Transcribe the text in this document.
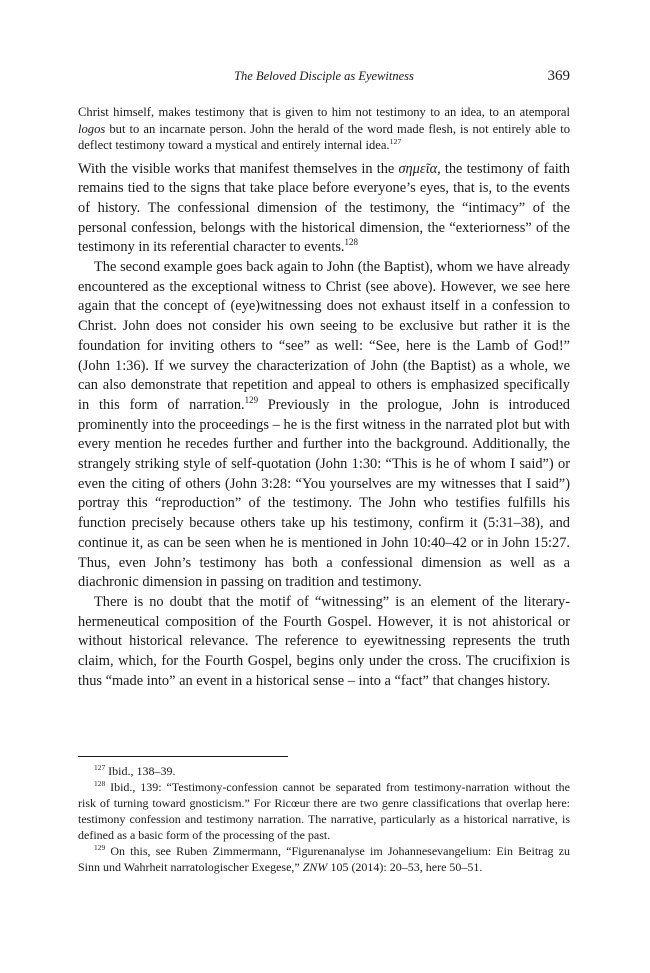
The Beloved Disciple as Eyewitness	369

Christ himself, makes testimony that is given to him not testimony to an idea, to an atemporal logos but to an incarnate person. John the herald of the word made flesh, is not entirely able to deflect testimony toward a mystical and entirely internal idea.$^{127}$

With the visible works that manifest themselves in the σημεῖα, the testimony of faith remains tied to the signs that take place before everyone’s eyes, that is, to the events of history. The confessional dimension of the testimony, the “intimacy” of the personal confession, belongs with the historical dimension, the “exteriorness” of the testimony in its referential character to events.$^{128}$

The second example goes back again to John (the Baptist), whom we have already encountered as the exceptional witness to Christ (see above). However, we see here again that the concept of (eye)witnessing does not exhaust itself in a confession to Christ. John does not consider his own seeing to be exclusive but rather it is the foundation for inviting others to “see” as well: “See, here is the Lamb of God!” (John 1:36). If we survey the characterization of John (the Baptist) as a whole, we can also demonstrate that repetition and appeal to others is emphasized specifically in this form of narration.$^{129}$ Previously in the prologue, John is introduced prominently into the proceedings – he is the first witness in the narrated plot but with every mention he recedes further and further into the background. Additionally, the strangely striking style of self-quotation (John 1:30: “This is he of whom I said”) or even the citing of others (John 3:28: “You yourselves are my witnesses that I said”) portray this “reproduction” of the testimony. The John who testifies fulfills his function precisely because others take up his testimony, confirm it (5:31–38), and continue it, as can be seen when he is mentioned in John 10:40–42 or in John 15:27. Thus, even John’s testimony has both a confessional dimension as well as a diachronic dimension in passing on tradition and testimony.

There is no doubt that the motif of “witnessing” is an element of the literary-hermeneutical composition of the Fourth Gospel. However, it is not ahistorical or without historical relevance. The reference to eyewitnessing represents the truth claim, which, for the Fourth Gospel, begins only under the cross. The crucifixion is thus “made into” an event in a historical sense – into a “fact” that changes history.

$^{127}$ Ibid., 138–39.

$^{128}$ Ibid., 139: “Testimony-confession cannot be separated from testimony-narration without the risk of turning toward gnosticism.” For Ricœur there are two genre classifications that overlap here: testimony confession and testimony narration. The narrative, particularly as a historical narrative, is defined as a basic form of the processing of the past.

$^{129}$ On this, see Ruben Zimmermann, “Figurenanalyse im Johannesevangelium: Ein Beitrag zu Sinn und Wahrheit narratologischer Exegese,” ZNW 105 (2014): 20–53, here 50–51.
